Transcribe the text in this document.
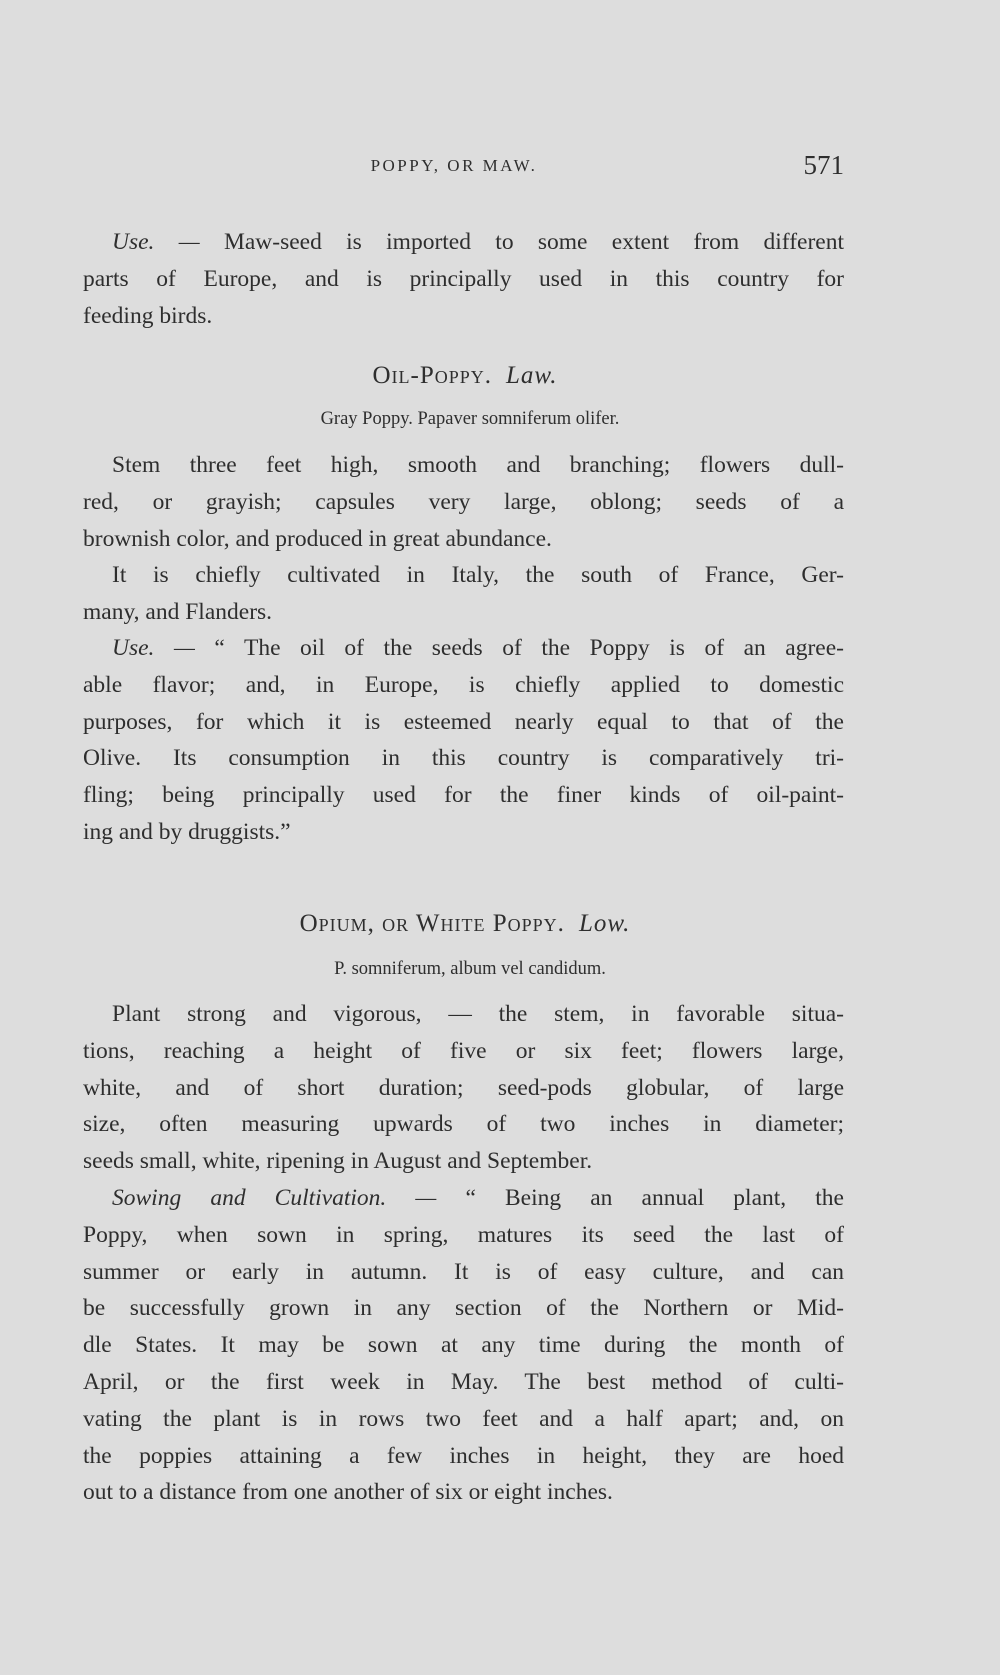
POPPY, OR MAW.	571
Use. — Maw-seed is imported to some extent from different
parts of Europe, and is principally used in this country for
feeding birds.
Oil-Poppy. Law.
Gray Poppy. Papaver somniferum olifer.
Stem three feet high, smooth and branching; flowers dull-
red, or grayish; capsules very large, oblong; seeds of a
brownish color, and produced in great abundance.
It is chiefly cultivated in Italy, the south of France, Ger-
many, and Flanders.
Use. — “ The oil of the seeds of the Poppy is of an agree-
able flavor; and, in Europe, is chiefly applied to domestic
purposes, for which it is esteemed nearly equal to that of the
Olive. Its consumption in this country is comparatively tri-
fling; being principally used for the finer kinds of oil-paint-
ing and by druggists.”
Opium, or White Poppy. Low.
P. somniferum, album vel candidum.
Plant strong and vigorous, — the stem, in favorable situa-
tions, reaching a height of five or six feet; flowers large,
white, and of short duration; seed-pods globular, of large
size, often measuring upwards of two inches in diameter;
seeds small, white, ripening in August and September.
Sowing and Cultivation. — “ Being an annual plant, the
Poppy, when sown in spring, matures its seed the last of
summer or early in autumn. It is of easy culture, and can
be successfully grown in any section of the Northern or Mid-
dle States. It may be sown at any time during the month of
April, or the first week in May. The best method of culti-
vating the plant is in rows two feet and a half apart; and, on
the poppies attaining a few inches in height, they are hoed
out to a distance from one another of six or eight inches.
